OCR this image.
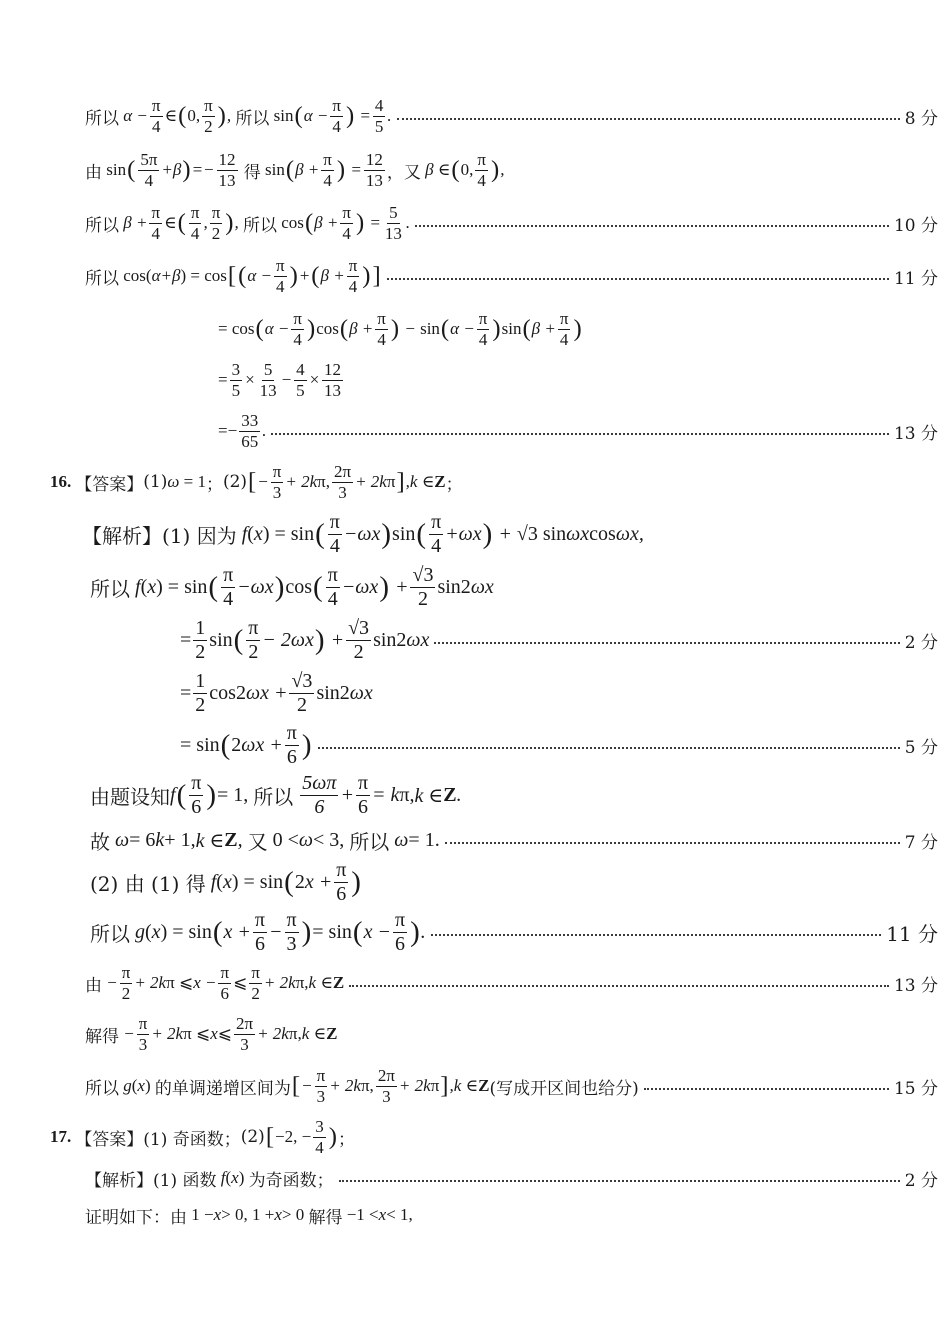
所以 $\alpha - \frac{\pi}{4}$ ∈ ( 0, $\frac{\pi}{2}$ ) , 所以 sin ( $\alpha - \frac{\pi}{4}$ ) = $\frac{4}{5}$ .	8 分
由 sin ( $\frac{5\pi}{4} +\beta$ ) =− $\frac{12}{13}$
得 sin ( $\beta + \frac{\pi}{4}$ ) = $\frac{12}{13}$ ，又 β ∈ ( 0, $\frac{\pi}{4}$ ) ,
所以 $\beta + \frac{\pi}{4}$ ∈ ( $\frac{\pi}{4}$ , $\frac{\pi}{2}$ ) , 所以 cos ( $\beta + \frac{\pi}{4}$ ) = $\frac{5}{13}$ .	10 分
所以 cos( α+β ) = cos [ ( $\alpha - \frac{\pi}{4}$ ) + ( $\beta + \frac{\pi}{4}$ ) ]	11 分
= cos ( $\alpha - \frac{\pi}{4}$ ) cos ( $\beta + \frac{\pi}{4}$ ) − sin ( $\alpha - \frac{\pi}{4}$ ) sin ( $\beta + \frac{\pi}{4}$ )
= $\frac{3}{5} \times \frac{5}{13} - \frac{4}{5} \times \frac{12}{13}$
=− $\frac{33}{65}$ .	13 分
16. 【答案】 (1) ω = 1 ； (2) [ − $\frac{\pi}{3} + 2$ k π, $\frac{2\pi}{3} + 2$ k π ] ,k ∈ Z ；
【解析】 (1) 因为 f ( x ) = sin ( $\frac{\pi}{4} -\omega x$ ) sin ( $\frac{\pi}{4} +\omega x$ ) + √3 sin ωx cos ωx,
所以 f ( x ) = sin ( $\frac{\pi}{4} -\omega x$ ) cos ( $\frac{\pi}{4} -\omega x$ ) + $\frac{√3}{2} \sin 2$ ωx
= $\frac{1}{2}$ sin ( $\frac{\pi}{2} - 2\omega x$ ) + $\frac{√3}{2} \sin 2$ ωx	2 分
= $\frac{1}{2} \cos 2$ $\omega x + \frac{√3}{2} \sin 2$ ωx
= sin ( 2 $\omega x + \frac{\pi}{6}$ )	5 分
由题设知 f ( $\frac{\pi}{6}$ ) = 1, 所以
$\frac{5\omega\pi}{6} + \frac{\pi}{6} = k$ π, k ∈ Z .
故 ω = 6 k + 1, k ∈ Z , 又 0 < ω < 3, 所以 ω = 1.	7 分
(2) 由 (1) 得 f ( x ) = sin ( 2 $x + \frac{\pi}{6}$ )
所以 g ( x ) = sin ( $x + \frac{\pi}{6} - \frac{\pi}{3}$ ) = sin ( $x - \frac{\pi}{6}$ ) .	11 分
由 − $\frac{\pi}{2} + 2k$ π ⩽ $x - \frac{\pi}{6}$ ⩽ $\frac{\pi}{2} + 2k$ π, k ∈ Z	13 分
解得 − $\frac{\pi}{3} + 2k$ π ⩽ x ⩽ $\frac{2\pi}{3} + 2k$ π, k ∈ Z
所以 g ( x ) 的单调递增区间为 [ − $\frac{\pi}{3} + 2k$ π, $\frac{2\pi}{3} + 2k$ π ] ,k ∈ Z (写成开区间也给分)	15 分
17. 【答案】 (1) 奇函数； (2) [ −2, − $\frac{3}{4}$ ) ；
【解析】 (1) 函数 f ( x ) 为奇函数；	2 分
证明如下：由 1 − x > 0, 1 + x > 0 解得 −1 < x < 1,
